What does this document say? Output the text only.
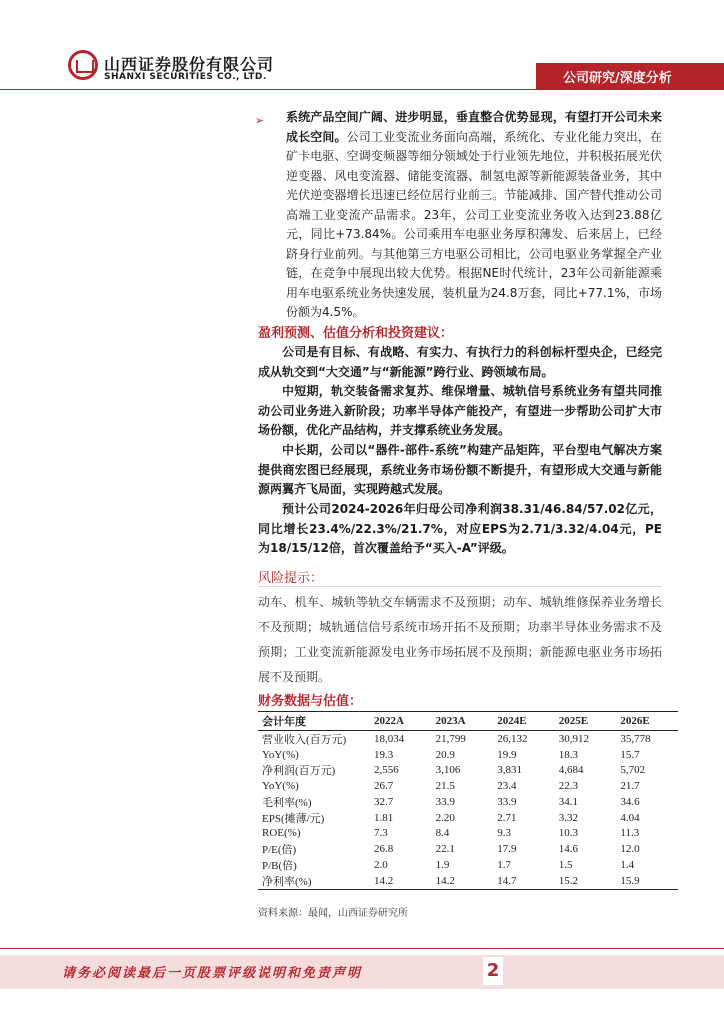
山西证券股份有限公司
SHANXI SECURITIES CO., LTD.	公司研究/深度分析
➢ 系统产品空间广阔、进步明显，垂直整合优势显现，有望打开公司未来成长空间。公司工业变流业务面向高端，系统化、专业化能力突出，在矿卡电驱、空调变频器等细分领域处于行业领先地位，并积极拓展光伏逆变器、风电变流器、储能变流器、制氢电源等新能源装备业务，其中光伏逆变器增长迅速已经位居行业前三。节能减排、国产替代推动公司高端工业变流产品需求。23年，公司工业变流业务收入达到23.88亿元，同比+73.84%。公司乘用车电驱业务厚积薄发、后来居上，已经跻身行业前列。与其他第三方电驱公司相比，公司电驱业务掌握全产业链，在竞争中展现出较大优势。根据NE时代统计，23年公司新能源乘用车电驱系统业务快速发展，装机量为24.8万套，同比+77.1%，市场份额为4.5%。
盈利预测、估值分析和投资建议：
公司是有目标、有战略、有实力、有执行力的科创标杆型央企，已经完成从轨交到“大交通”与“新能源”跨行业、跨领域布局。
中短期，轨交装备需求复苏、维保增量、城轨信号系统业务有望共同推动公司业务进入新阶段；功率半导体产能投产，有望进一步帮助公司扩大市场份额，优化产品结构，并支撑系统业务发展。
中长期，公司以“器件-部件-系统”构建产品矩阵，平台型电气解决方案提供商宏图已经展现，系统业务市场份额不断提升，有望形成大交通与新能源两翼齐飞局面，实现跨越式发展。
预计公司2024-2026年归母公司净利润38.31/46.84/57.02亿元，同比增长23.4%/22.3%/21.7%，对应EPS为2.71/3.32/4.04元，PE为18/15/12倍，首次覆盖给予“买入-A”评级。
风险提示：
动车、机车、城轨等轨交车辆需求不及预期；动车、城轨维修保养业务增长不及预期；城轨通信信号系统市场开拓不及预期；功率半导体业务需求不及预期；工业变流新能源发电业务市场拓展不及预期；新能源电驱业务市场拓展不及预期。
财务数据与估值：
会计年度	2022A	2023A	2024E	2025E	2026E
营业收入(百万元)	18,034	21,799	26,132	30,912	35,778
YoY(%)	19.3	20.9	19.9	18.3	15.7
净利润(百万元)	2,556	3,106	3,831	4,684	5,702
YoY(%)	26.7	21.5	23.4	22.3	21.7
毛利率(%)	32.7	33.9	33.9	34.1	34.6
EPS(摊薄/元)	1.81	2.20	2.71	3.32	4.04
ROE(%)	7.3	8.4	9.3	10.3	11.3
P/E(倍)	26.8	22.1	17.9	14.6	12.0
P/B(倍)	2.0	1.9	1.7	1.5	1.4
净利率(%)	14.2	14.2	14.7	15.2	15.9
资料来源：最闻，山西证券研究所
请务必阅读最后一页股票评级说明和免责声明	2
